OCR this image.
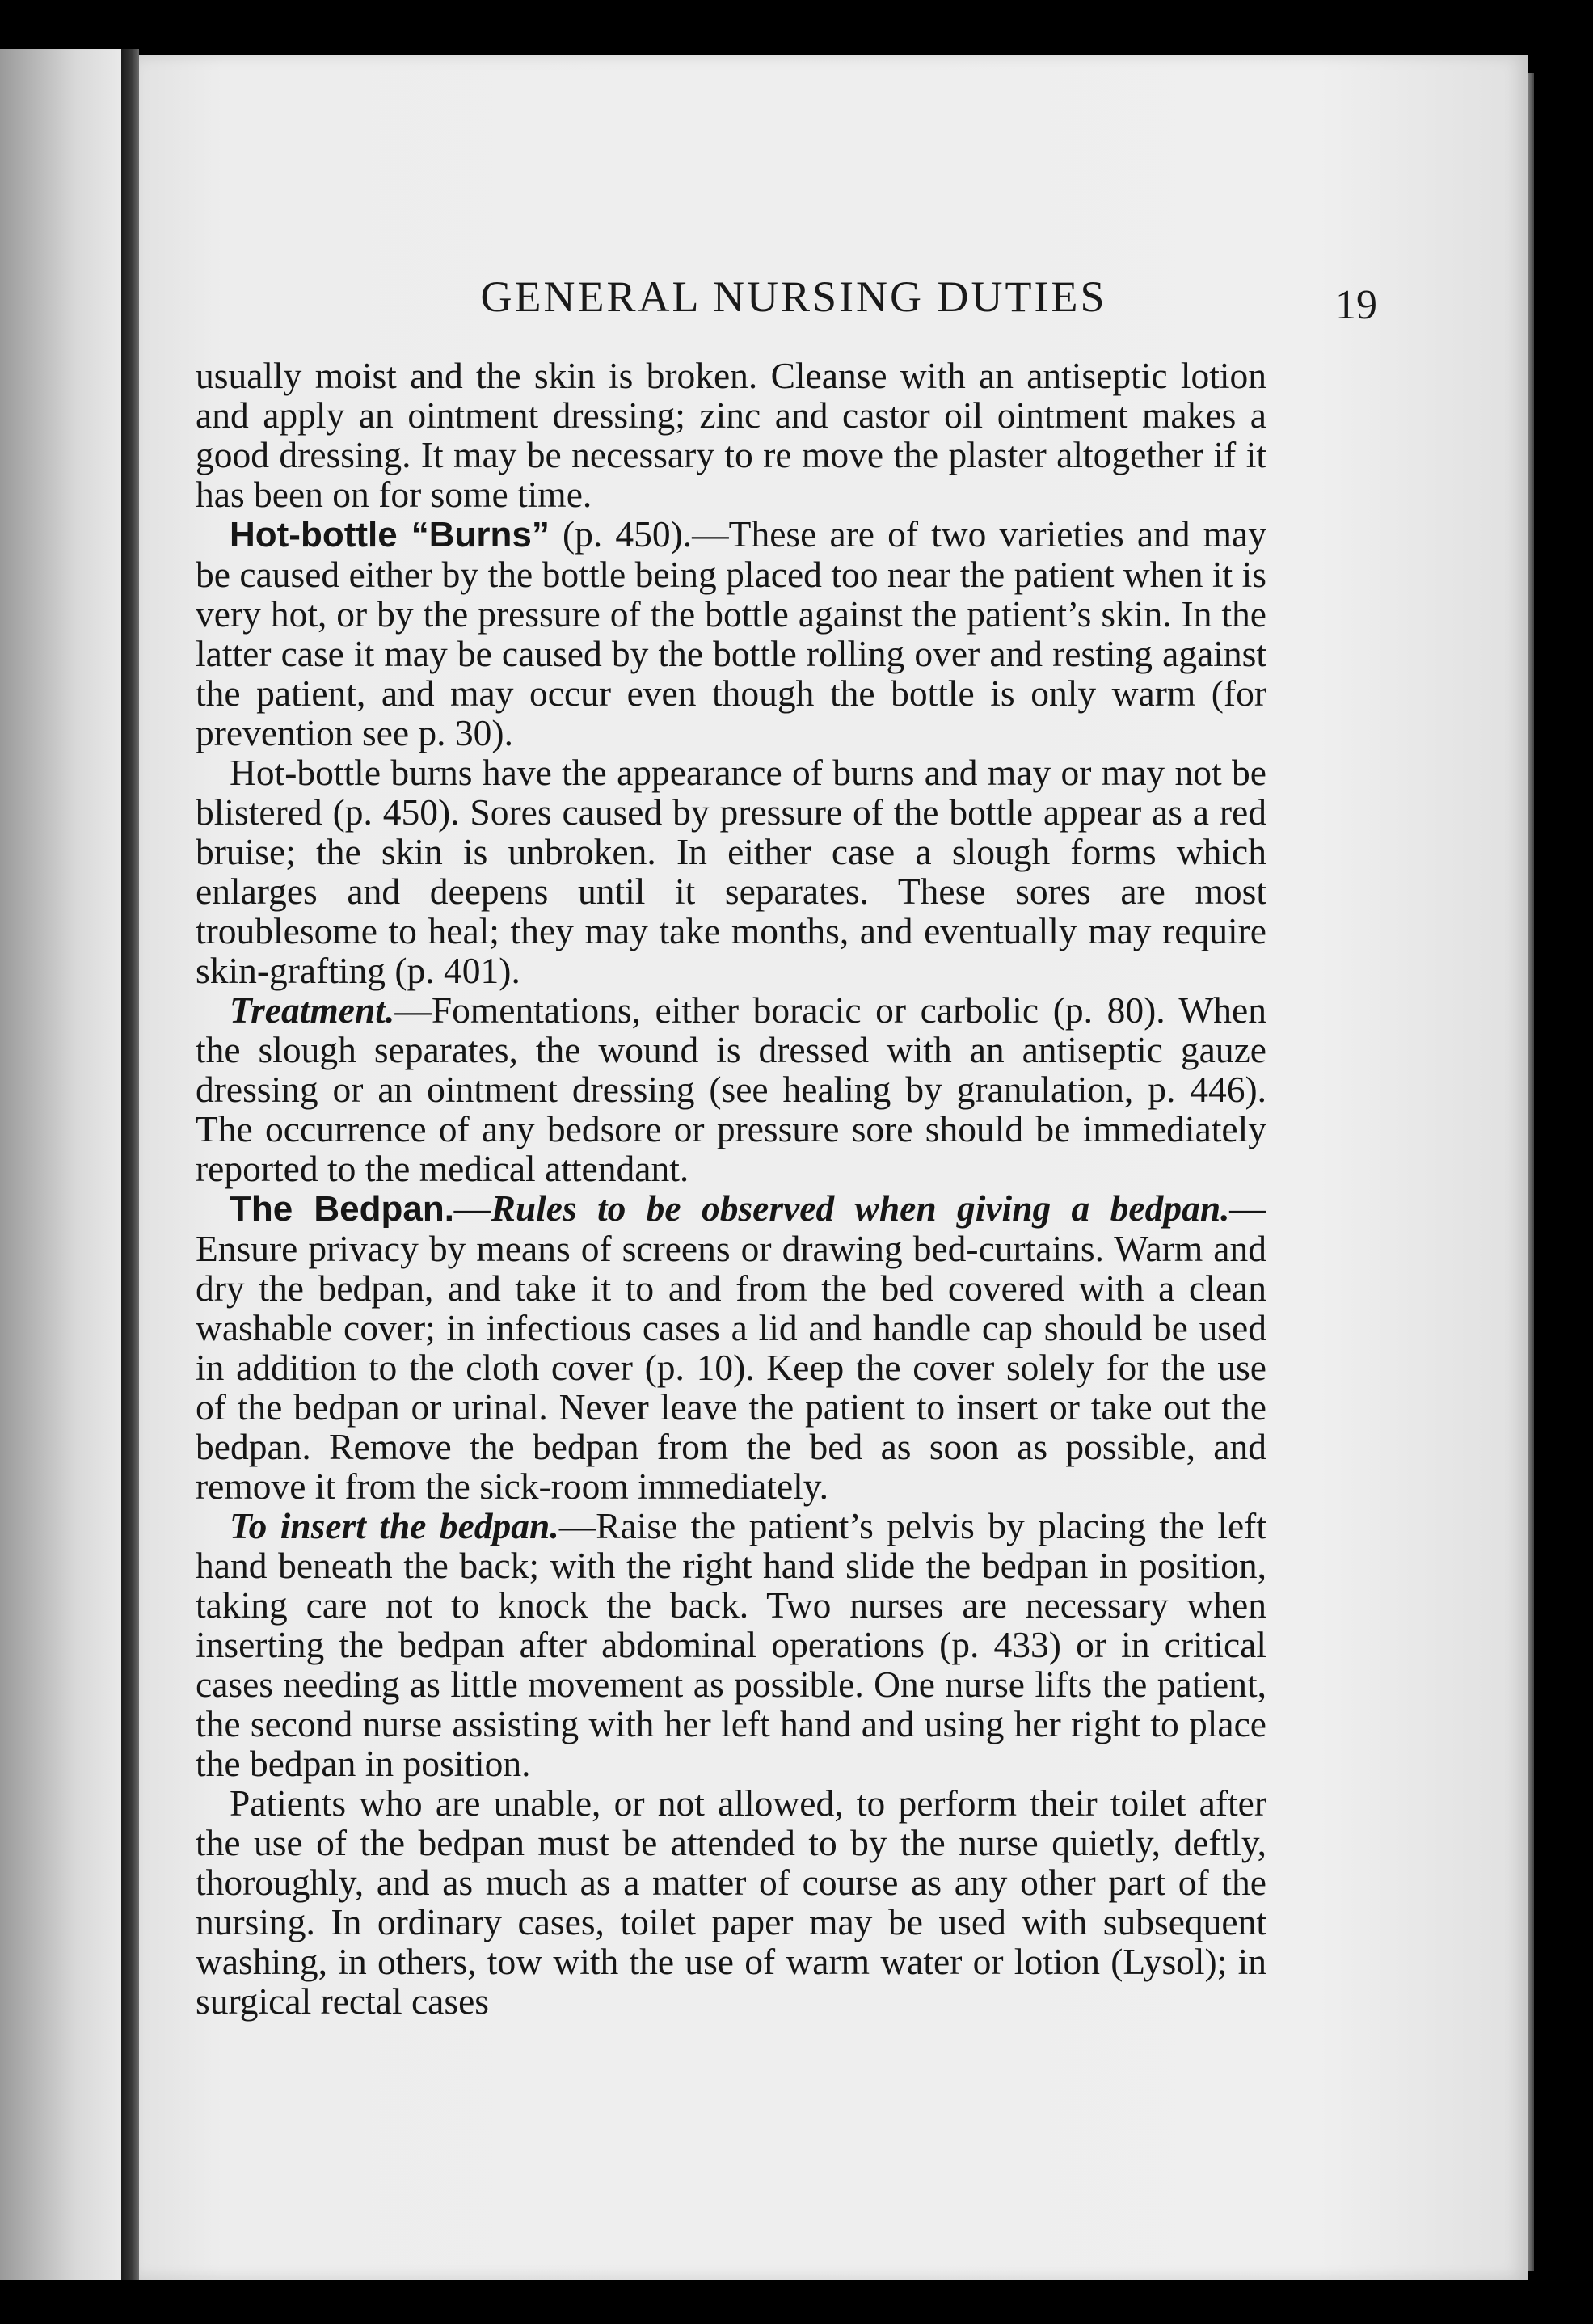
GENERAL NURSING DUTIES	19

usually moist and the skin is broken. Cleanse with an antiseptic lotion and apply an ointment dressing; zinc and castor oil ointment makes a good dressing. It may be necessary to re move the plaster altogether if it has been on for some time.

Hot-bottle “Burns” (p. 450).—These are of two varieties and may be caused either by the bottle being placed too near the patient when it is very hot, or by the pressure of the bottle against the patient’s skin. In the latter case it may be caused by the bottle rolling over and resting against the patient, and may occur even though the bottle is only warm (for prevention see p. 30).

Hot-bottle burns have the appearance of burns and may or may not be blistered (p. 450). Sores caused by pressure of the bottle appear as a red bruise; the skin is unbroken. In either case a slough forms which enlarges and deepens until it separates. These sores are most troublesome to heal; they may take months, and eventually may require skin-grafting (p. 401).

Treatment.—Fomentations, either boracic or carbolic (p. 80). When the slough separates, the wound is dressed with an antiseptic gauze dressing or an ointment dressing (see healing by granulation, p. 446). The occurrence of any bedsore or pressure sore should be immediately reported to the medical attendant.

The Bedpan.—Rules to be observed when giving a bedpan.— Ensure privacy by means of screens or drawing bed-curtains. Warm and dry the bedpan, and take it to and from the bed covered with a clean washable cover; in infectious cases a lid and handle cap should be used in addition to the cloth cover (p. 10). Keep the cover solely for the use of the bedpan or urinal. Never leave the patient to insert or take out the bedpan. Remove the bedpan from the bed as soon as possible, and remove it from the sick-room immediately.

To insert the bedpan.—Raise the patient’s pelvis by placing the left hand beneath the back; with the right hand slide the bedpan in position, taking care not to knock the back. Two nurses are necessary when inserting the bedpan after abdominal operations (p. 433) or in critical cases needing as little movement as possible. One nurse lifts the patient, the second nurse assisting with her left hand and using her right to place the bedpan in position.

Patients who are unable, or not allowed, to perform their toilet after the use of the bedpan must be attended to by the nurse quietly, deftly, thoroughly, and as much as a matter of course as any other part of the nursing. In ordinary cases, toilet paper may be used with subsequent washing, in others, tow with the use of warm water or lotion (Lysol); in surgical rectal cases
